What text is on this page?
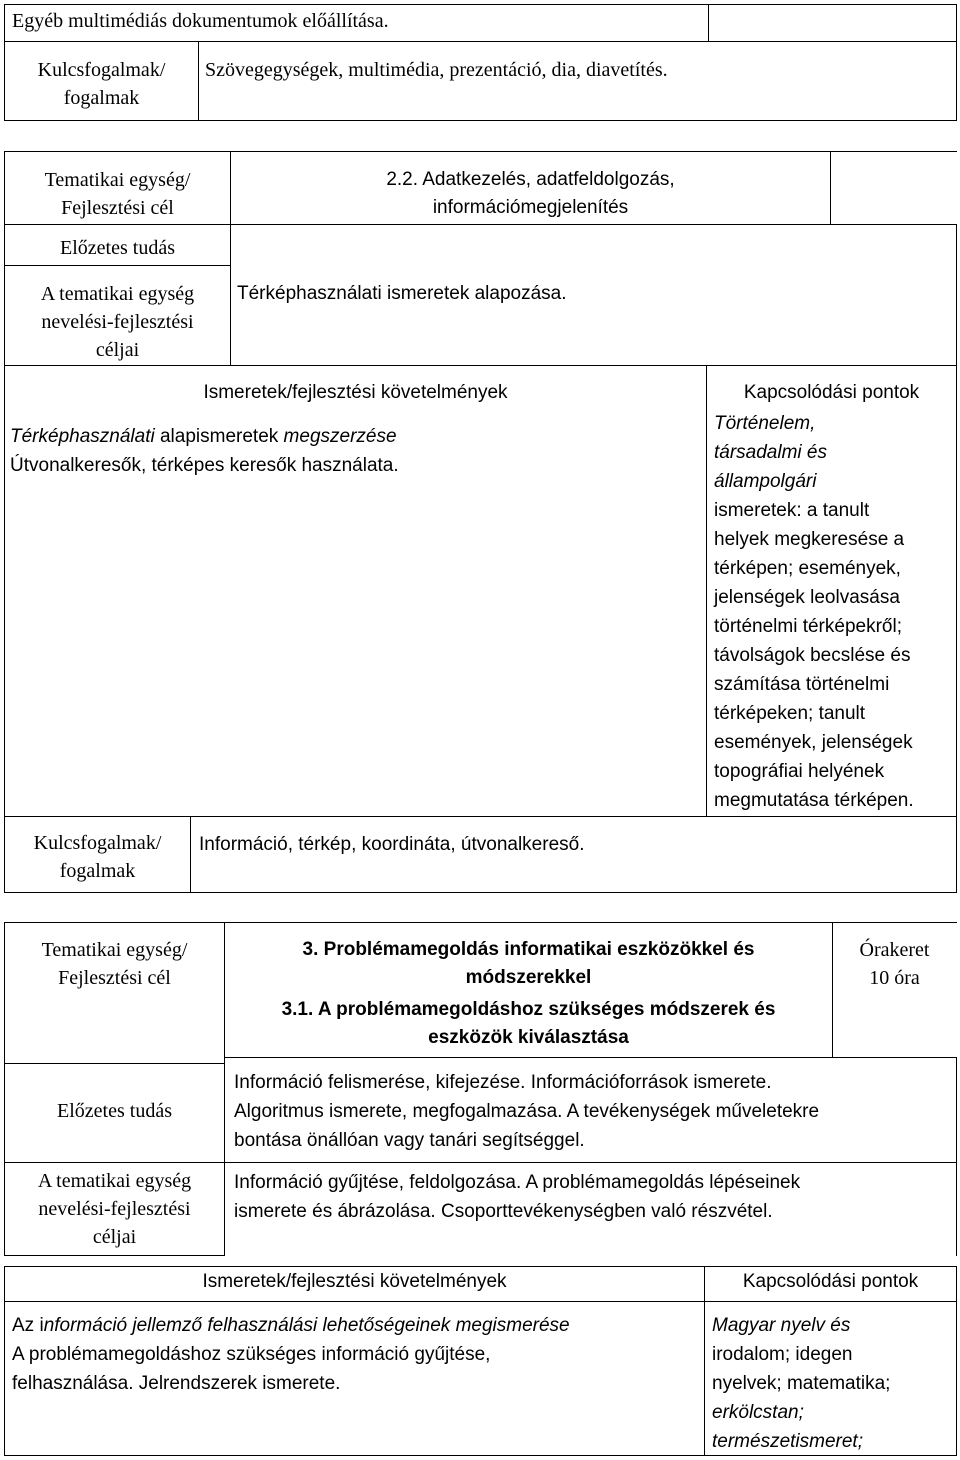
Egyéb multimédiás dokumentumok előállítása.
Kulcsfogalmak/
fogalmak
Szövegegységek, multimédia, prezentáció, dia, diavetítés.
Tematikai egység/
Fejlesztési cél
2.2. Adatkezelés, adatfeldolgozás,
információmegjelenítés
Előzetes tudás
A tematikai egység
nevelési-fejlesztési
céljai
Térképhasználati ismeretek alapozása.
Ismeretek/fejlesztési követelmények	Kapcsolódási pontok
Térképhasználati alapismeretek megszerzése
Útvonalkeresők, térképes keresők használata.
Történelem,
társadalmi és
állampolgári
ismeretek: a tanult
helyek megkeresése a
térképen; események,
jelenségek leolvasása
történelmi térképekről;
távolságok becslése és
számítása történelmi
térképeken; tanult
események, jelenségek
topográfiai helyének
megmutatása térképen.
Kulcsfogalmak/
fogalmak
Információ, térkép, koordináta, útvonalkereső.
Tematikai egység/
Fejlesztési cél
3. Problémamegoldás informatikai eszközökkel és
módszerekkel
3.1. A problémamegoldáshoz szükséges módszerek és
eszközök kiválasztása
Órakeret
10 óra
Előzetes tudás
Információ felismerése, kifejezése. Információforrások ismerete.
Algoritmus ismerete, megfogalmazása. A tevékenységek műveletekre
bontása önállóan vagy tanári segítséggel.
A tematikai egység
nevelési-fejlesztési
céljai
Információ gyűjtése, feldolgozása. A problémamegoldás lépéseinek
ismerete és ábrázolása. Csoporttevékenységben való részvétel.
Ismeretek/fejlesztési követelmények	Kapcsolódási pontok
Az információ jellemző felhasználási lehetőségeinek megismerése
A problémamegoldáshoz szükséges információ gyűjtése,
felhasználása. Jelrendszerek ismerete.
Magyar nyelv és
irodalom; idegen
nyelvek; matematika;
erkölcstan;
természetismeret;
